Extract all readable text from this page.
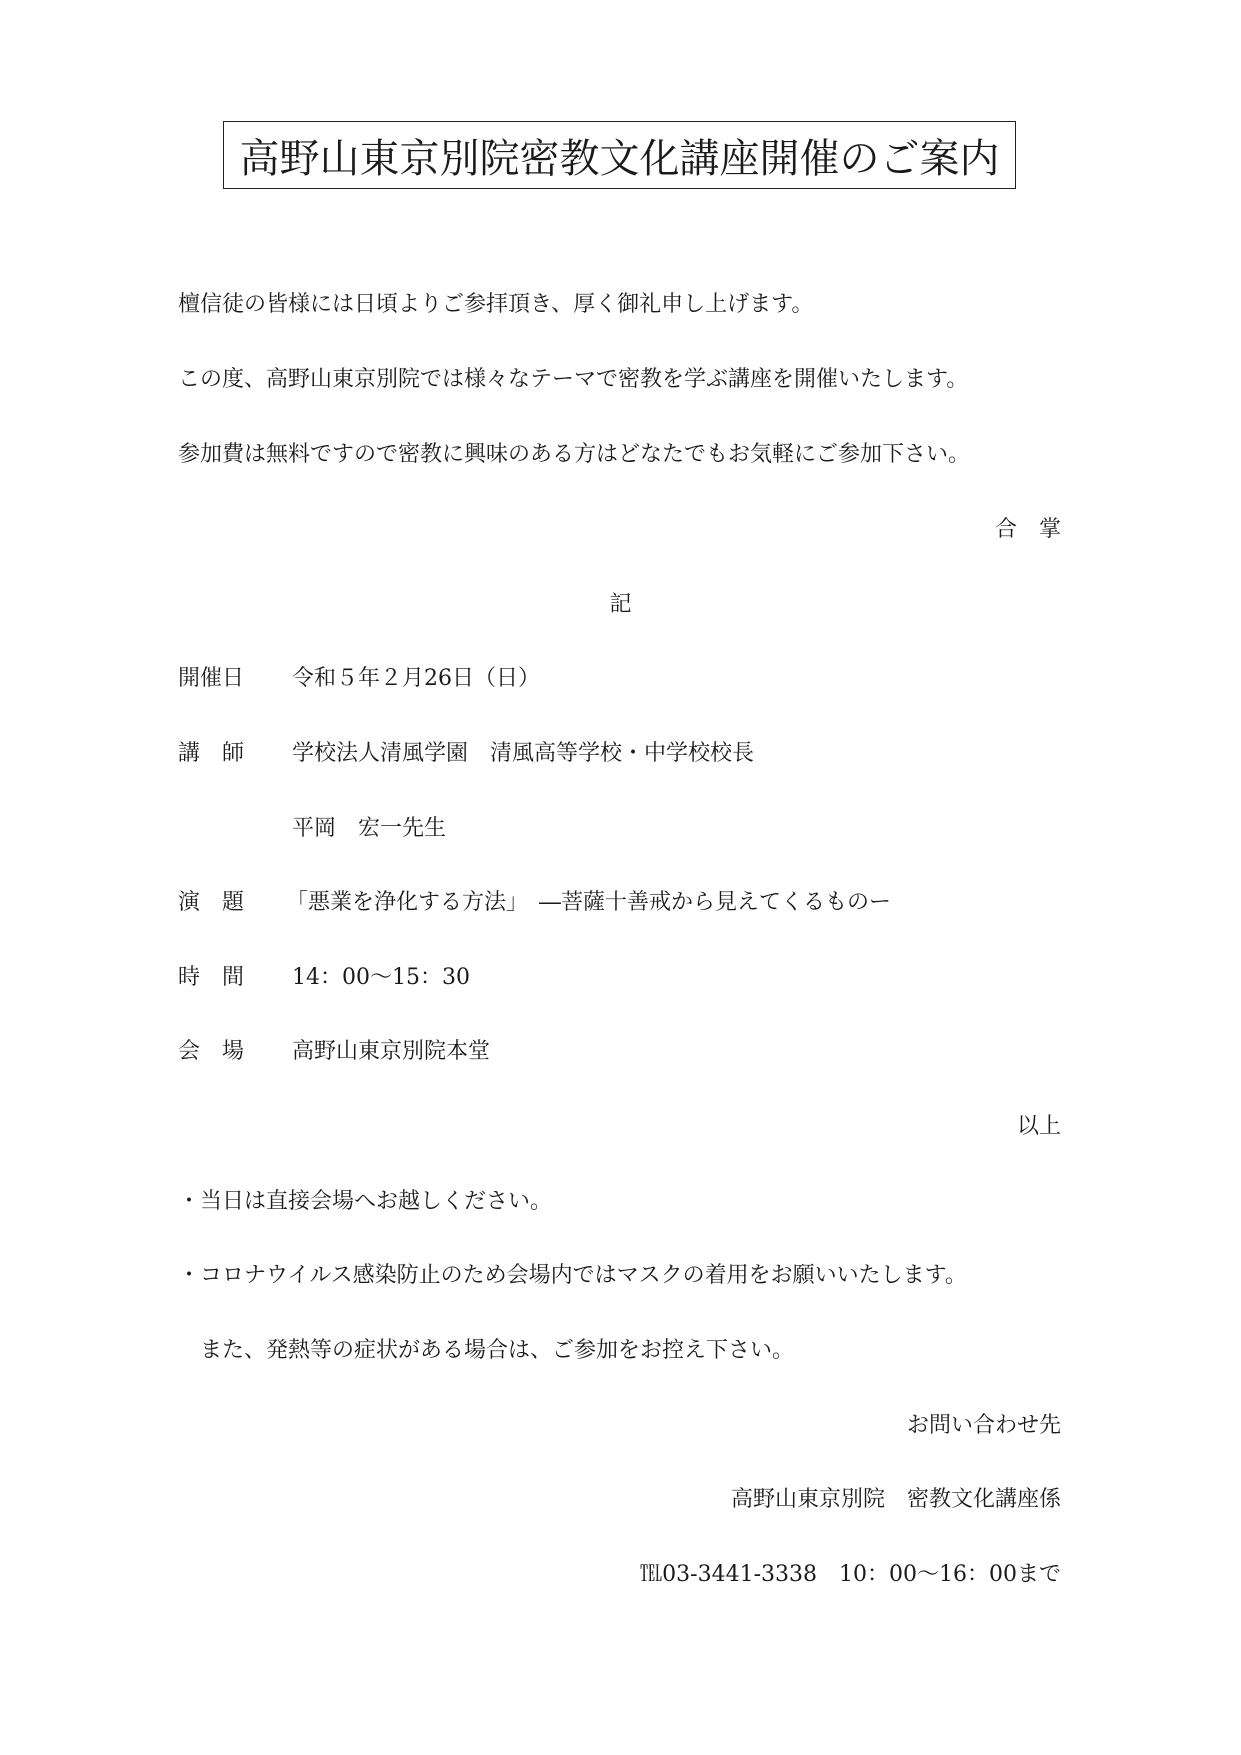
高野山東京別院密教文化講座開催のご案内
檀信徒の皆様には日頃よりご参拝頂き、厚く御礼申し上げます。
この度、高野山東京別院では様々なテーマで密教を学ぶ講座を開催いたします。
参加費は無料ですので密教に興味のある方はどなたでもお気軽にご参加下さい。
合　掌
記
開催日 令和５年２月26日（日）
講　師 学校法人清風学園　清風高等学校・中学校校長
平岡　宏一先生
演　題 「悪業を浄化する方法」　―菩薩十善戒から見えてくるものー
時　間 14：00～15：30
会　場 高野山東京別院本堂
以上
・当日は直接会場へお越しください。
・コロナウイルス感染防止のため会場内ではマスクの着用をお願いいたします。
　また、発熱等の症状がある場合は、ご参加をお控え下さい。
お問い合わせ先
高野山東京別院　密教文化講座係
℡03-3441-3338　10：00～16：00まで
